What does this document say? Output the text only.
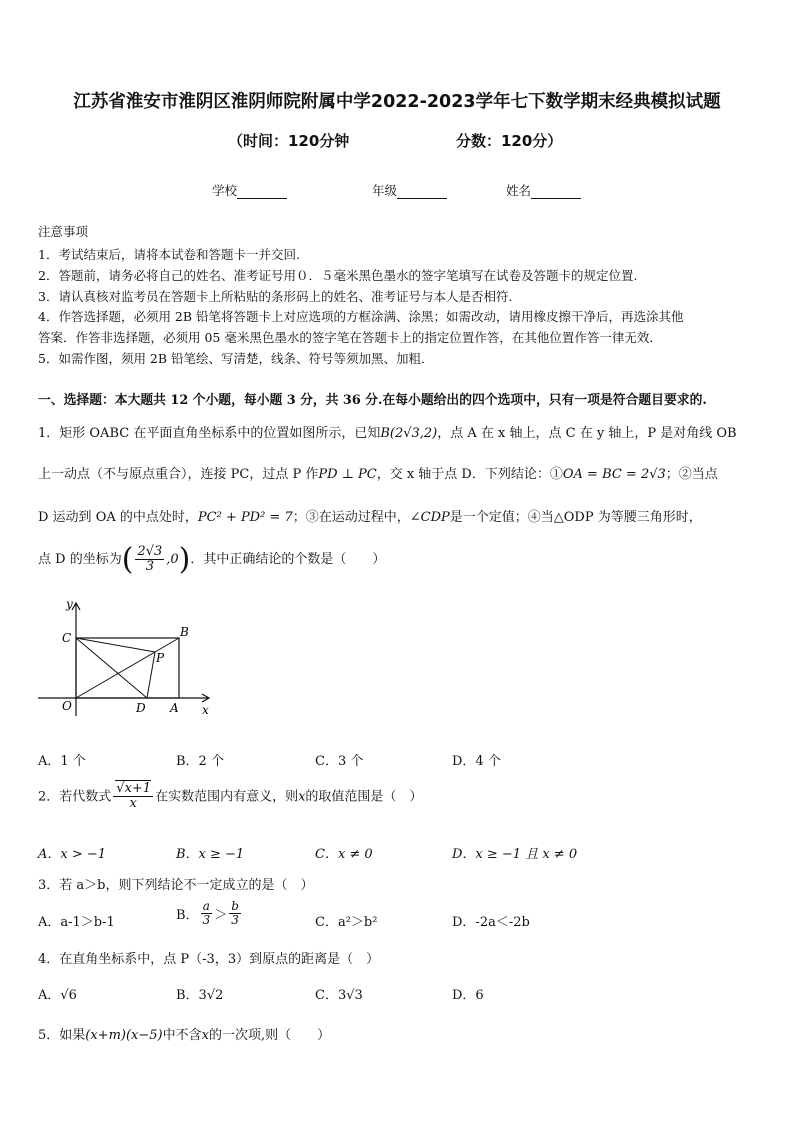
江苏省淮安市淮阴区淮阴师院附属中学2022-2023学年七下数学期末经典模拟试题
（时间：120分钟	分数：120分）
学校	年级	姓名
注意事项
1．考试结束后，请将本试卷和答题卡一并交回.
2．答题前，请务必将自己的姓名、准考证号用０．５毫米黑色墨水的签字笔填写在试卷及答题卡的规定位置.
3．请认真核对监考员在答题卡上所粘贴的条形码上的姓名、准考证号与本人是否相符.
4．作答选择题，必须用 2B 铅笔将答题卡上对应选项的方框涂满、涂黑；如需改动，请用橡皮擦干净后，再选涂其他
答案．作答非选择题，必须用 05 毫米黑色墨水的签字笔在答题卡上的指定位置作答，在其他位置作答一律无效．
5．如需作图，须用 2B 铅笔绘、写清楚，线条、符号等须加黑、加粗．
一、选择题：本大题共 12 个小题，每小题 3 分，共 36 分.在每小题给出的四个选项中，只有一项是符合题目要求的.
1．矩形 OABC 在平面直角坐标系中的位置如图所示，已知B(2√3,2)，点 A 在 x 轴上，点 C 在 y 轴上，P 是对角线 OB
上一动点（不与原点重合），连接 PC，过点 P 作PD ⊥ PC，交 x 轴于点 D．下列结论：①OA = BC = 2√3；②当点
D 运动到 OA 的中点处时，PC² + PD² = 7；③在运动过程中，∠CDP是一个定值；④当△ODP 为等腰三角形时，
点 D 的坐标为( $\frac{2√3}{3} ,0$)．其中正确结论的个数是（　　）
y
x
C	B
P
O	D A
A．1 个	B．2 个	C．3 个	D．4 个
2．若代数式 $\frac{√x+1}{x}$ 在实数范围内有意义，则x的取值范围是（　）
A．x > −1	B．x ≥ −1	C．x ≠ 0	D．x ≥ −1 且 x ≠ 0
3．若 a＞b，则下列结论不一定成立的是（　）
A．a-1＞b-1	B． $\frac{a}{3} > \frac{b}{3}$	C．a²＞b²	D．-2a＜-2b
4．在直角坐标系中，点 P（-3，3）到原点的距离是（　）
A．√6	B．3√2	C．3√3	D．6
5．如果(x+m)(x−5)中不含x的一次项,则（　　）
